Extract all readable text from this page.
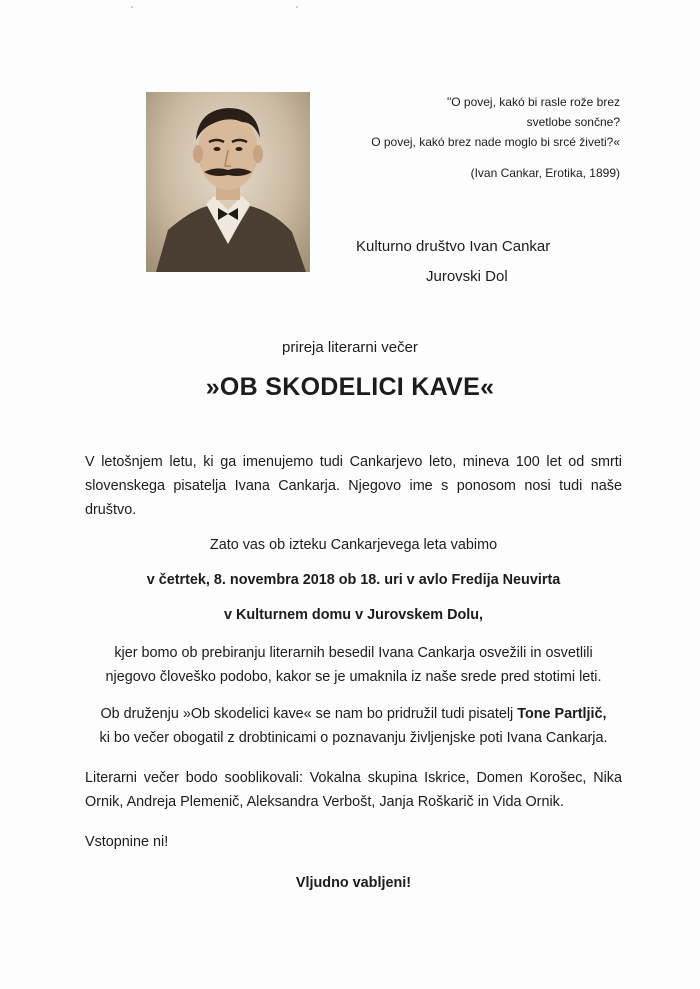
"O povej, kakó bi rasle rože brez
svetlobe sončne?
O povej, kakó brez nade moglo bi srcé živeti?«
(Ivan Cankar, Erotika, 1899)
Kulturno društvo Ivan Cankar
Jurovski Dol
prireja literarni večer
»OB SKODELICI KAVE«
V letošnjem letu, ki ga imenujemo tudi Cankarjevo leto, mineva 100 let od smrti slovenskega pisatelja Ivana Cankarja. Njegovo ime s ponosom nosi tudi naše društvo.
Zato vas ob izteku Cankarjevega leta vabimo
v četrtek, 8. novembra 2018 ob 18. uri v avlo Fredija Neuvirta
v Kulturnem domu v Jurovskem Dolu,
kjer bomo ob prebiranju literarnih besedil Ivana Cankarja osvežili in osvetlili
njegovo človeško podobo, kakor se je umaknila iz naše srede pred stotimi leti.
Ob druženju »Ob skodelici kave« se nam bo pridružil tudi pisatelj Tone Partljič,
ki bo večer obogatil z drobtinicami o poznavanju življenjske poti Ivana Cankarja.
Literarni večer bodo sooblikovali: Vokalna skupina Iskrice, Domen Korošec, Nika Ornik, Andreja Plemenič, Aleksandra Verbošt, Janja Roškarič in Vida Ornik.
Vstopnine ni!
Vljudno vabljeni!
